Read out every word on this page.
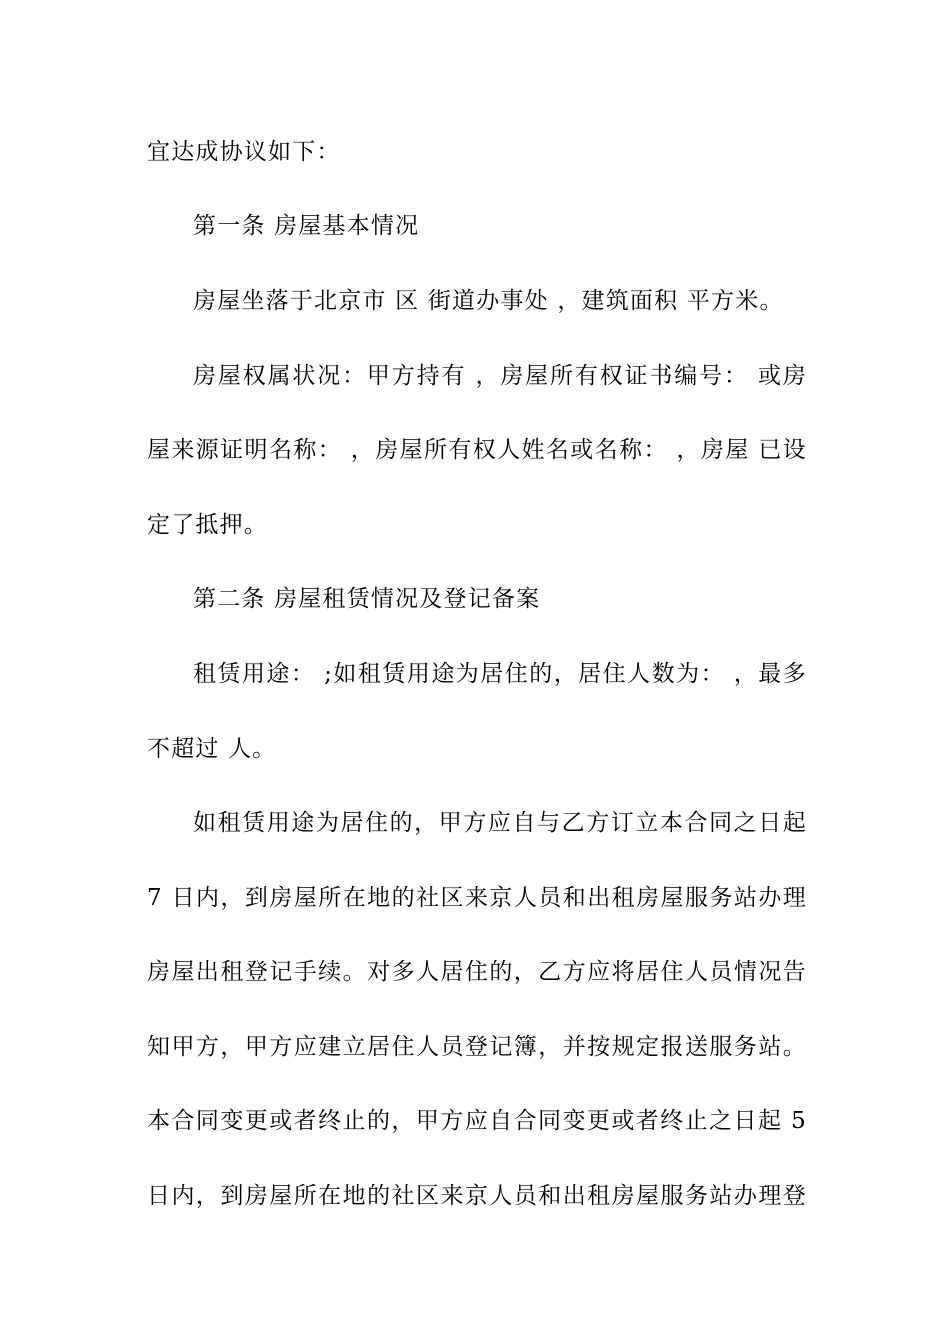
宜达成协议如下：
第一条 房屋基本情况
房屋坐落于北京市 区 街道办事处 ，建筑面积 平方米。
房屋权属状况：甲方持有 ，房屋所有权证书编号： 或房
屋来源证明名称： ，房屋所有权人姓名或名称： ，房屋 已设
定了抵押。
第二条 房屋租赁情况及登记备案
租赁用途： ;如租赁用途为居住的，居住人数为： ，最多
不超过 人。
如租赁用途为居住的，甲方应自与乙方订立本合同之日起
7 日内，到房屋所在地的社区来京人员和出租房屋服务站办理
房屋出租登记手续。对多人居住的，乙方应将居住人员情况告
知甲方，甲方应建立居住人员登记簿，并按规定报送服务站。
本合同变更或者终止的，甲方应自合同变更或者终止之日起 5
日内，到房屋所在地的社区来京人员和出租房屋服务站办理登
